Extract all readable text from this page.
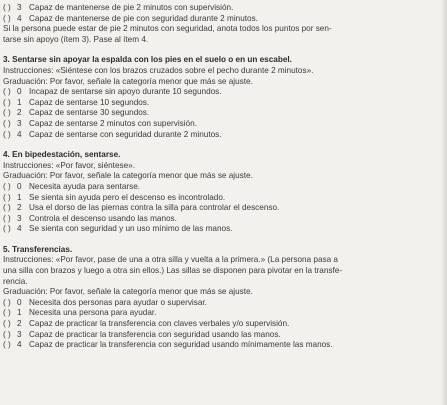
( ) 3 Capaz de mantenerse de pie 2 minutos con supervisión.
( ) 4 Capaz de mantenerse de pie con seguridad durante 2 minutos.
Si la persona puede estar de pie 2 minutos con seguridad, anota todos los puntos por sen-
tarse sin apoyo (ítem 3). Pase al ítem 4.
3. Sentarse sin apoyar la espalda con los pies en el suelo o en un escabel.
Instrucciones: «Siéntese con los brazos cruzados sobre el pecho durante 2 minutos».
Graduación: Por favor, señale la categoría menor que más se ajuste.
( ) 0 Incapaz de sentarse sin apoyo durante 10 segundos.
( ) 1 Capaz de sentarse 10 segundos.
( ) 2 Capaz de sentarse 30 segundos.
( ) 3 Capaz de sentarse 2 minutos con supervisión.
( ) 4 Capaz de sentarse con seguridad durante 2 minutos.
4. En bipedestación, sentarse.
Instrucciones: «Por favor, siéntese».
Graduación: Por favor, señale la categoría menor que más se ajuste.
( ) 0 Necesita ayuda para sentarse.
( ) 1 Se sienta sin ayuda pero el descenso es incontrolado.
( ) 2 Usa el dorso de las piernas contra la silla para controlar el descenso.
( ) 3 Controla el descenso usando las manos.
( ) 4 Se sienta con seguridad y un uso mínimo de las manos.
5. Transferencias.
Instrucciones: «Por favor, pase de una a otra silla y vuelta a la primera.» (La persona pasa a
una silla con brazos y luego a otra sin ellos.) Las sillas se disponen para pivotar en la transfe-
rencia.
Graduación: Por favor, señale la categoría menor que más se ajuste.
( ) 0 Necesita dos personas para ayudar o supervisar.
( ) 1 Necesita una persona para ayudar.
( ) 2 Capaz de practicar la transferencia con claves verbales y/o supervisión.
( ) 3 Capaz de practicar la transferencia con seguridad usando las manos.
( ) 4 Capaz de practicar la transferencia con seguridad usando mínimamente las manos.
